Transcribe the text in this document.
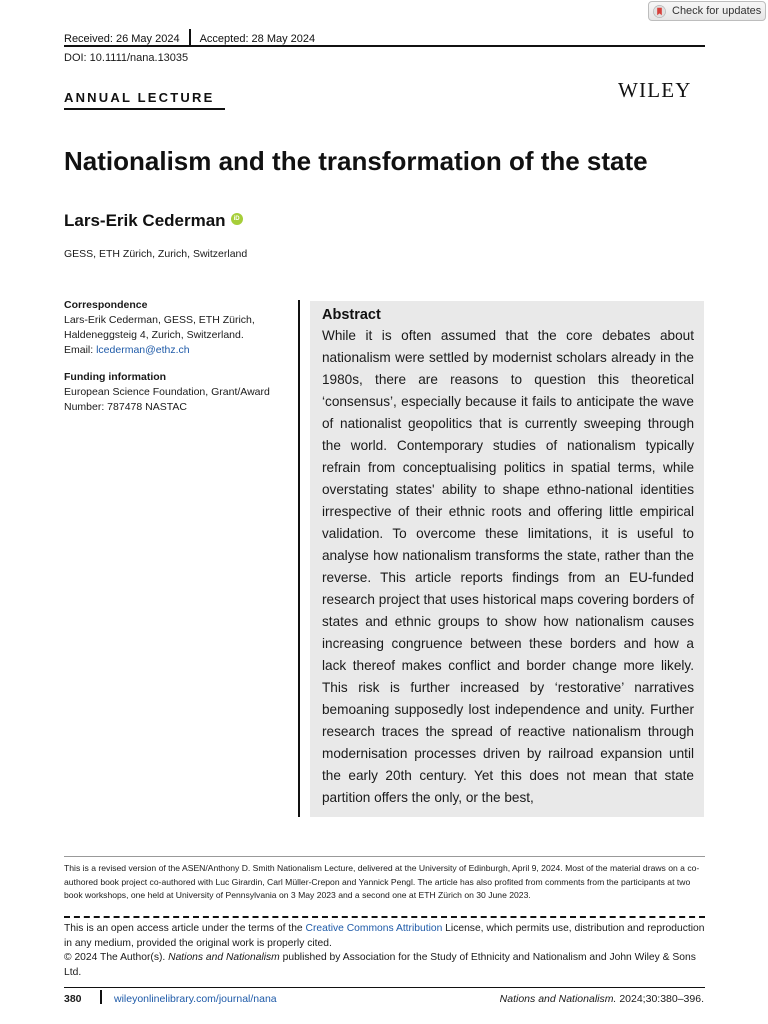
Check for updates
Received: 26 May 2024 Accepted: 28 May 2024
DOI: 10.1111/nana.13035
ANNUAL LECTURE	WILEY
Nationalism and the transformation of the state
Lars-Erik Cederman	iD
GESS, ETH Zürich, Zurich, Switzerland
Correspondence
Lars-Erik Cederman, GESS, ETH Zürich,
Haldeneggsteig 4, Zurich, Switzerland.
Email: lcederman@ethz.ch
Funding information
European Science Foundation, Grant/Award
Number: 787478 NASTAC
Abstract

While it is often assumed that the core debates about nationalism were settled by modernist scholars already in the 1980s, there are reasons to question this theoretical ‘consensus’, especially because it fails to anticipate the wave of nationalist geopolitics that is currently sweeping through the world. Contemporary studies of nationalism typically refrain from conceptualising politics in spatial terms, while overstating states' ability to shape ethno-national identities irrespective of their ethnic roots and offering little empirical validation. To overcome these limitations, it is useful to analyse how nationalism transforms the state, rather than the reverse. This article reports findings from an EU-funded research project that uses historical maps covering borders of states and ethnic groups to show how nationalism causes increasing congruence between these borders and how a lack thereof makes conflict and border change more likely. This risk is further increased by ‘restorative’ narratives bemoaning supposedly lost independence and unity. Further research traces the spread of reactive nationalism through modernisation processes driven by railroad expansion until the early 20th century. Yet this does not mean that state partition offers the only, or the best,

This is a revised version of the ASEN/Anthony D. Smith Nationalism Lecture, delivered at the University of Edinburgh, April 9, 2024. Most of the material draws on a co-authored book project co-authored with Luc Girardin, Carl Müller-Crepon and Yannick Pengl. The article has also profited from comments from the participants at two book workshops, one held at University of Pennsylvania on 3 May 2023 and a second one at ETH Zürich on 30 June 2023.
This is an open access article under the terms of the Creative Commons Attribution License, which permits use, distribution and reproduction in any medium, provided the original work is properly cited.
© 2024 The Author(s). Nations and Nationalism published by Association for the Study of Ethnicity and Nationalism and John Wiley & Sons Ltd.
380	wileyonlinelibrary.com/journal/nana	Nations and Nationalism. 2024;30:380–396.
